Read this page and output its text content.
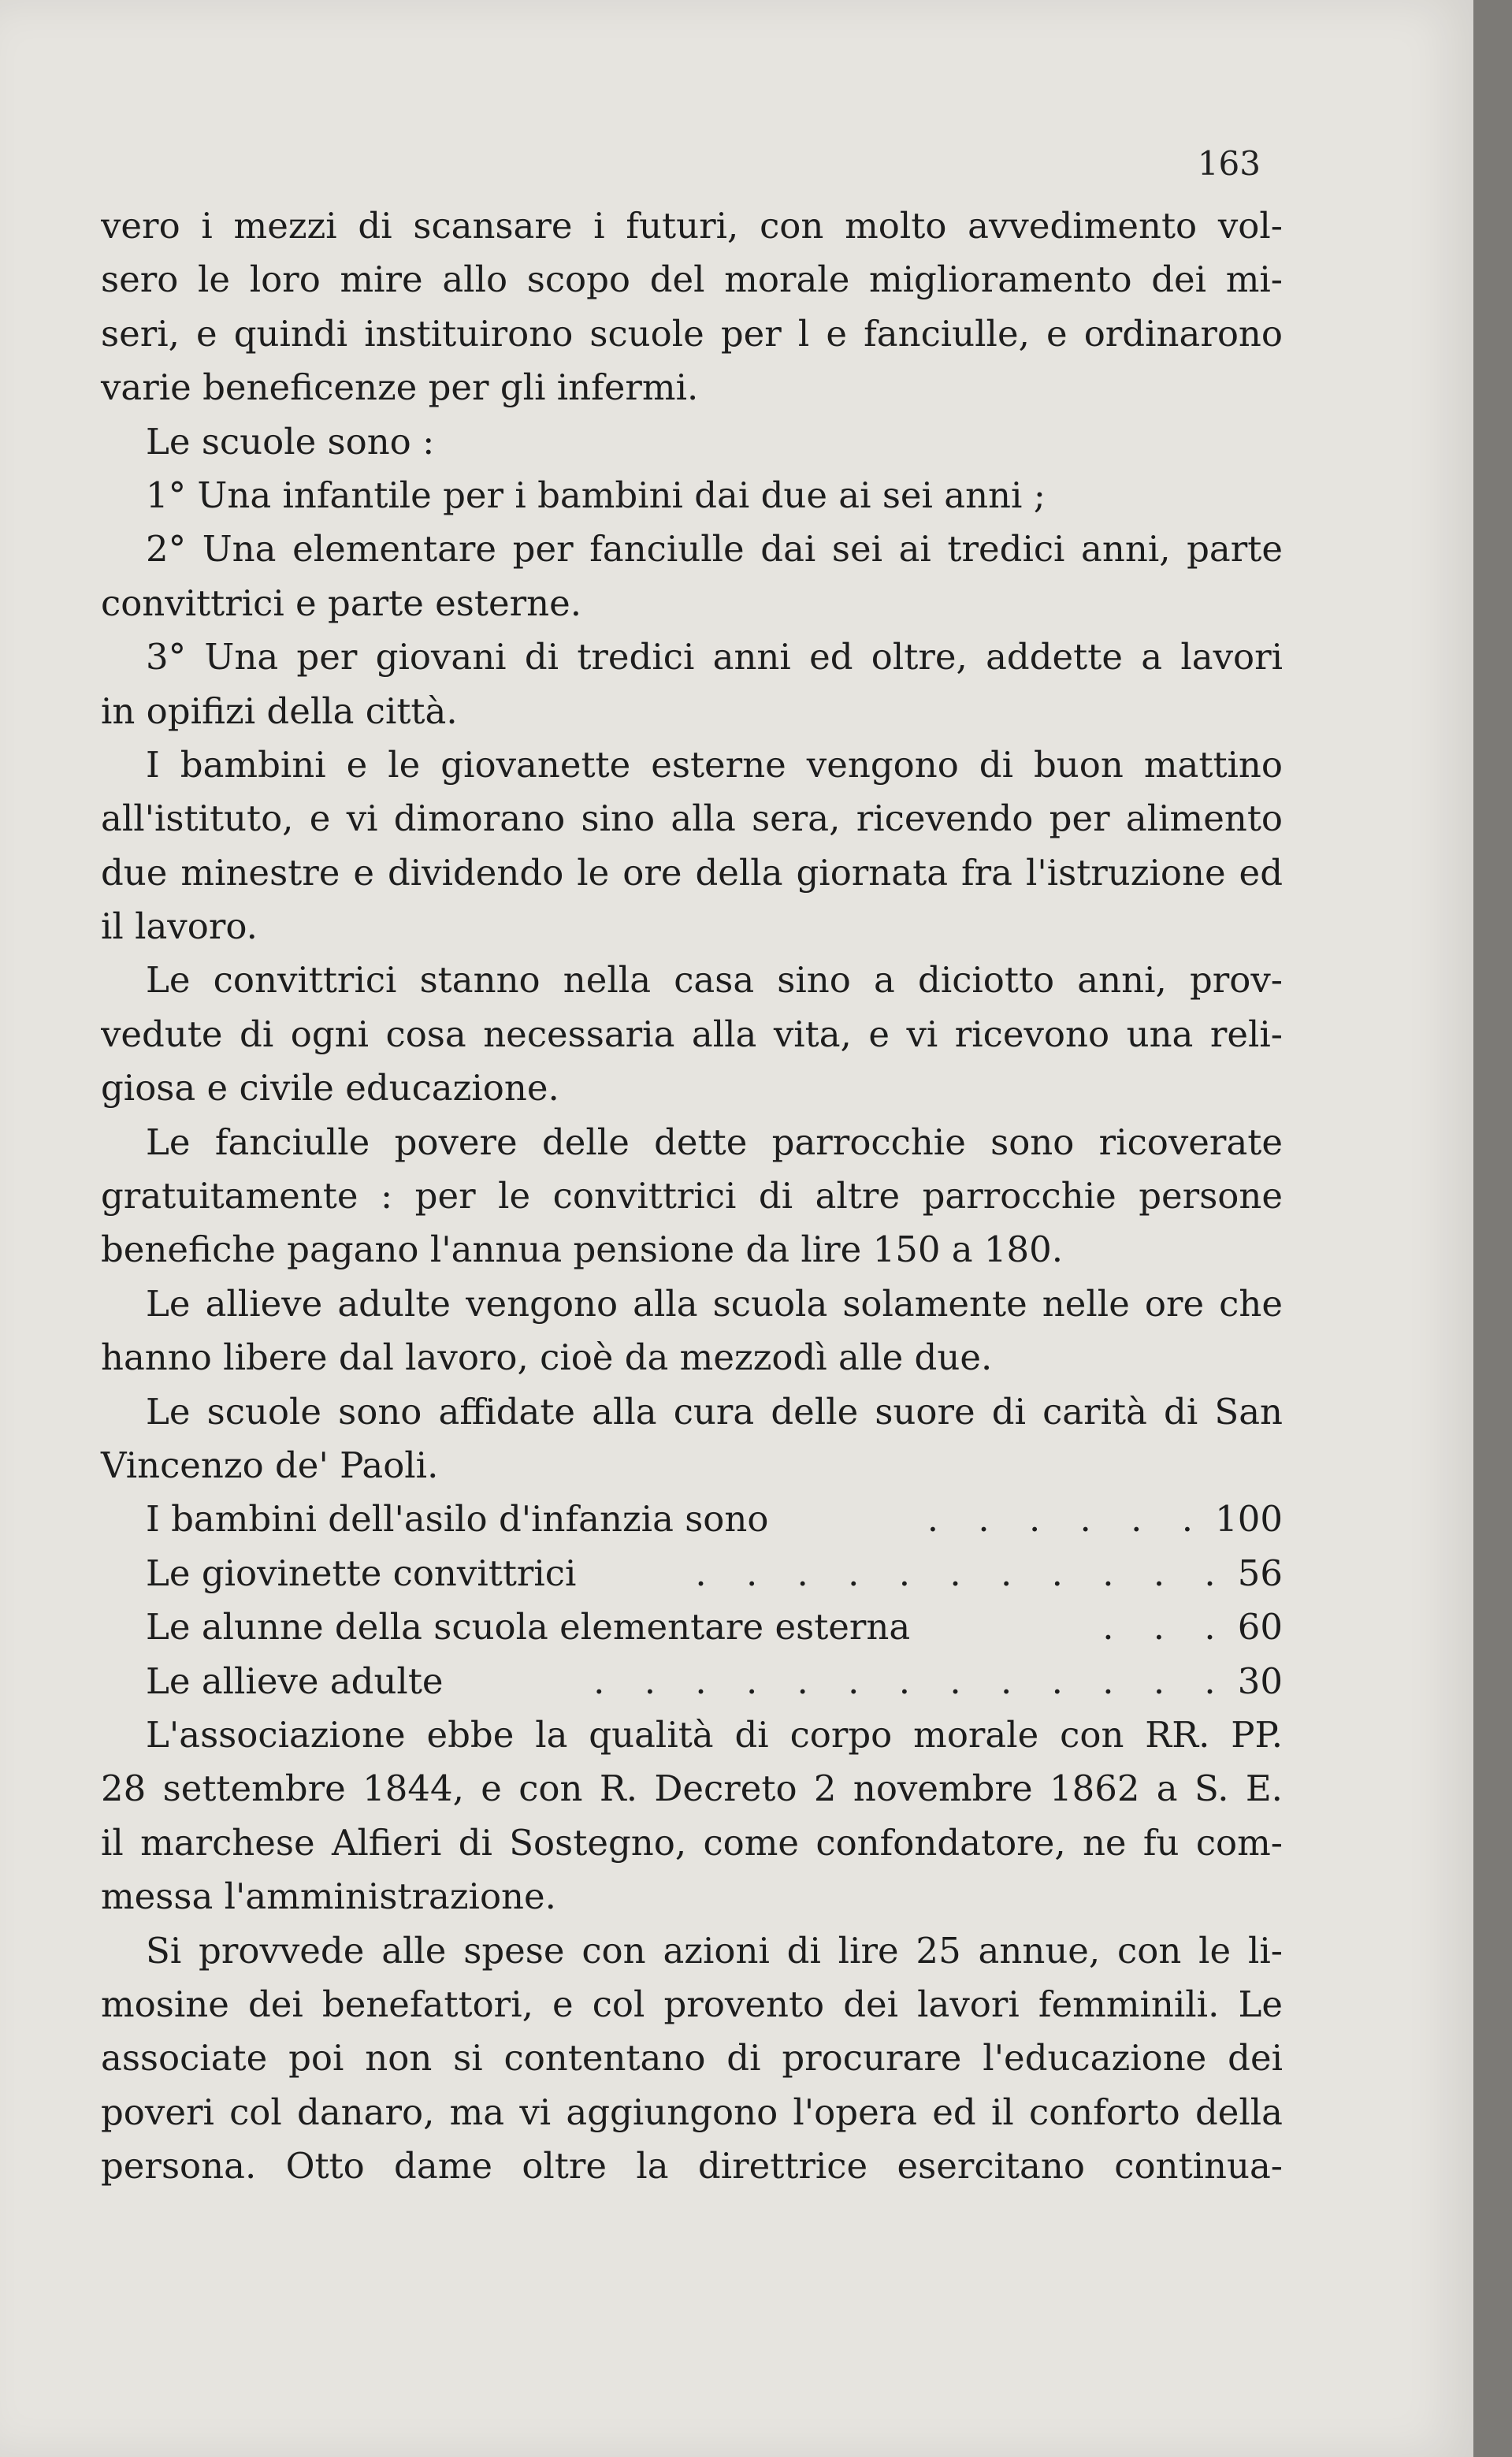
163

vero i mezzi di scansare i futuri, con molto avvedimento vol-
sero le loro mire allo scopo del morale miglioramento dei mi-
seri, e quindi instituirono scuole per l e fanciulle, e ordinarono
varie beneficenze per gli infermi.
Le scuole sono :
1° Una infantile per i bambini dai due ai sei anni ;
2° Una elementare per fanciulle dai sei ai tredici anni, parte
convittrici e parte esterne.
3° Una per giovani di tredici anni ed oltre, addette a lavori
in opifizi della città.
I bambini e le giovanette esterne vengono di buon mattino
all'istituto, e vi dimorano sino alla sera, ricevendo per alimento
due minestre e dividendo le ore della giornata fra l'istruzione ed
il lavoro.
Le convittrici stanno nella casa sino a diciotto anni, prov-
vedute di ogni cosa necessaria alla vita, e vi ricevono una reli-
giosa e civile educazione.
Le fanciulle povere delle dette parrocchie sono ricoverate
gratuitamente : per le convittrici di altre parrocchie persone
benefiche pagano l'annua pensione da lire 150 a 180.
Le allieve adulte vengono alla scuola solamente nelle ore che
hanno libere dal lavoro, cioè da mezzodì alle due.
Le scuole sono affidate alla cura delle suore di carità di San
Vincenzo de' Paoli.
I bambini dell'asilo d'infanzia sono	. . . . . . 100
Le giovinette convittrici	. . . . . . . . . . . 56
Le alunne della scuola elementare esterna	. . . 60
Le allieve adulte	. . . . . . . . . . . . . 30
L'associazione ebbe la qualità di corpo morale con RR. PP.
28 settembre 1844, e con R. Decreto 2 novembre 1862 a S. E.
il marchese Alfieri di Sostegno, come confondatore, ne fu com-
messa l'amministrazione.
Si provvede alle spese con azioni di lire 25 annue, con le li-
mosine dei benefattori, e col provento dei lavori femminili. Le
associate poi non si contentano di procurare l'educazione dei
poveri col danaro, ma vi aggiungono l'opera ed il conforto della
persona. Otto dame oltre la direttrice esercitano continua-
